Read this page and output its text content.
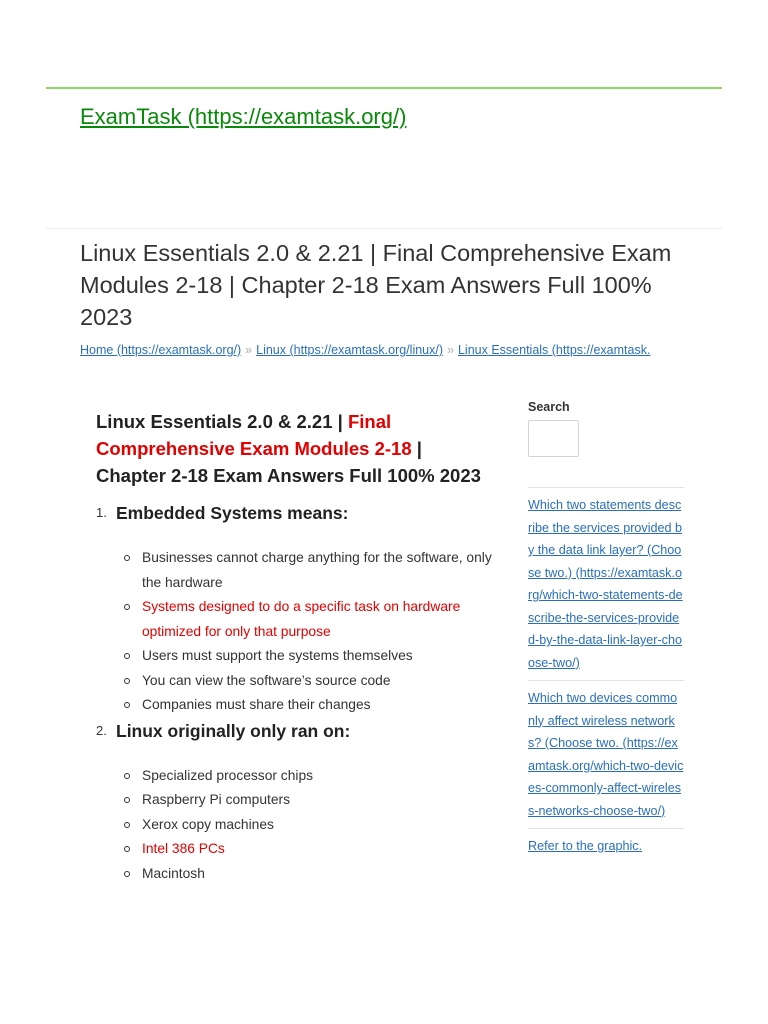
ExamTask (https://examtask.org/)
Linux Essentials 2.0 & 2.21 | Final Comprehensive Exam Modules 2-18 | Chapter 2-18 Exam Answers Full 100% 2023
Home (https://examtask.org/) » Linux (https://examtask.org/linux/) » Linux Essentials (https://examtask.
Linux Essentials 2.0 & 2.21 | Final Comprehensive Exam Modules 2-18 | Chapter 2-18 Exam Answers Full 100% 2023
1. Embedded Systems means:
Businesses cannot charge anything for the software, only the hardware
Systems designed to do a specific task on hardware optimized for only that purpose
Users must support the systems themselves
You can view the software’s source code
Companies must share their changes
2. Linux originally only ran on:
Specialized processor chips
Raspberry Pi computers
Xerox copy machines
Intel 386 PCs
Macintosh
Search
Which two statements describe the services provided by the data link layer? (Choose two.) (https://examtask.org/which-two-statements-describe-the-services-provided-by-the-data-link-layer-choose-two/)
Which two devices commonly affect wireless networks? (Choose two. (https://examtask.org/which-two-devices-commonly-affect-wireless-networks-choose-two/)
Refer to the graphic.
